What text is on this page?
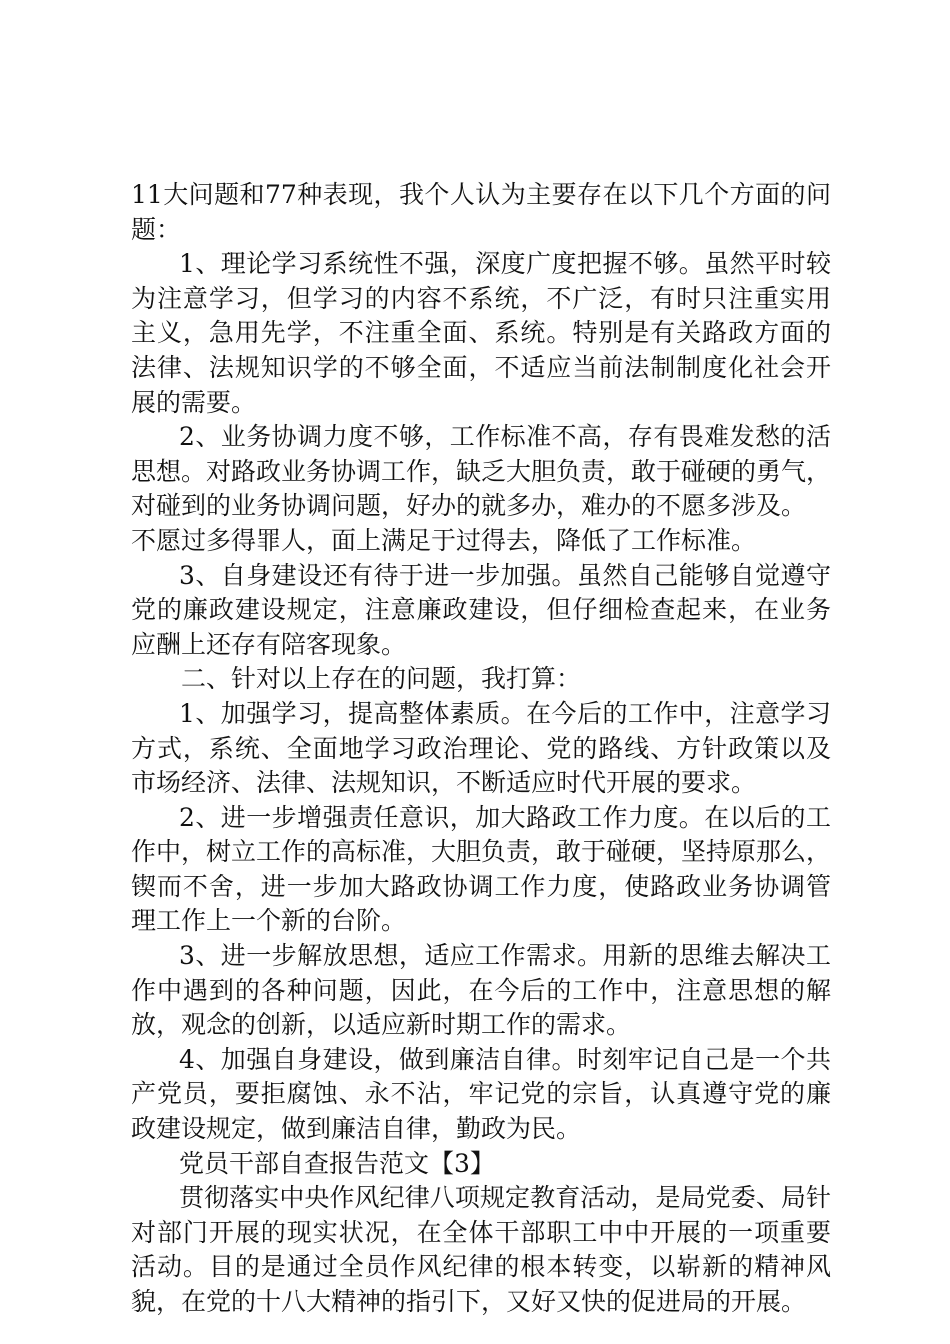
11大问题和77种表现，我个人认为主要存在以下几个方面的问
题：
1、理论学习系统性不强，深度广度把握不够。虽然平时较
为注意学习，但学习的内容不系统，不广泛，有时只注重实用
主义，急用先学，不注重全面、系统。特别是有关路政方面的
法律、法规知识学的不够全面，不适应当前法制制度化社会开
展的需要。
2、业务协调力度不够，工作标准不高，存有畏难发愁的活
思想。对路政业务协调工作，缺乏大胆负责，敢于碰硬的勇气，
对碰到的业务协调问题，好办的就多办，难办的不愿多涉及。
不愿过多得罪人，面上满足于过得去，降低了工作标准。
3、自身建设还有待于进一步加强。虽然自己能够自觉遵守
党的廉政建设规定，注意廉政建设，但仔细检查起来，在业务
应酬上还存有陪客现象。
二、针对以上存在的问题，我打算：
1、加强学习，提高整体素质。在今后的工作中，注意学习
方式，系统、全面地学习政治理论、党的路线、方针政策以及
市场经济、法律、法规知识，不断适应时代开展的要求。
2、进一步增强责任意识，加大路政工作力度。在以后的工
作中，树立工作的高标准，大胆负责，敢于碰硬，坚持原那么，
锲而不舍，进一步加大路政协调工作力度，使路政业务协调管
理工作上一个新的台阶。
3、进一步解放思想，适应工作需求。用新的思维去解决工
作中遇到的各种问题，因此，在今后的工作中，注意思想的解
放，观念的创新，以适应新时期工作的需求。
4、加强自身建设，做到廉洁自律。时刻牢记自己是一个共
产党员，要拒腐蚀、永不沾，牢记党的宗旨，认真遵守党的廉
政建设规定，做到廉洁自律，勤政为民。
党员干部自查报告范文【3】
贯彻落实中央作风纪律八项规定教育活动，是局党委、局针
对部门开展的现实状况，在全体干部职工中中开展的一项重要
活动。目的是通过全员作风纪律的根本转变，以崭新的精神风
貌，在党的十八大精神的指引下，又好又快的促进局的开展。
